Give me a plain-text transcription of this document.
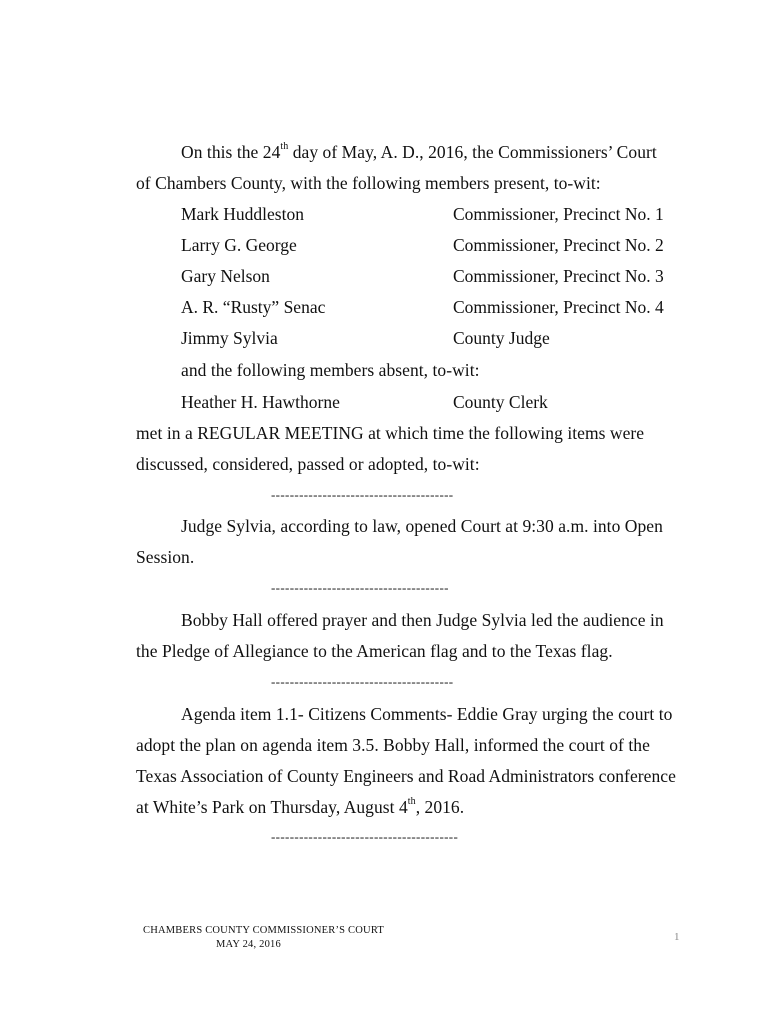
On this the 24th day of May, A. D., 2016, the Commissioners’ Court
of Chambers County, with the following members present, to-wit:
Mark Huddleston	Commissioner, Precinct No. 1
Larry G. George	Commissioner, Precinct No. 2
Gary Nelson	Commissioner, Precinct No. 3
A. R. “Rusty” Senac	Commissioner, Precinct No. 4
Jimmy Sylvia	County Judge
and the following members absent, to-wit:
Heather H. Hawthorne	County Clerk
met in a REGULAR MEETING at which time the following items were
discussed, considered, passed or adopted, to-wit:
---------------------------------------
Judge Sylvia, according to law, opened Court at 9:30 a.m. into Open
Session.
--------------------------------------
Bobby Hall offered prayer and then Judge Sylvia led the audience in
the Pledge of Allegiance to the American flag and to the Texas flag.
---------------------------------------
Agenda item 1.1- Citizens Comments- Eddie Gray urging the court to
adopt the plan on agenda item 3.5. Bobby Hall, informed the court of the
Texas Association of County Engineers and Road Administrators conference
at White’s Park on Thursday, August 4th, 2016.
----------------------------------------
CHAMBERS COUNTY COMMISSIONER’S COURT
MAY 24, 2016
1
